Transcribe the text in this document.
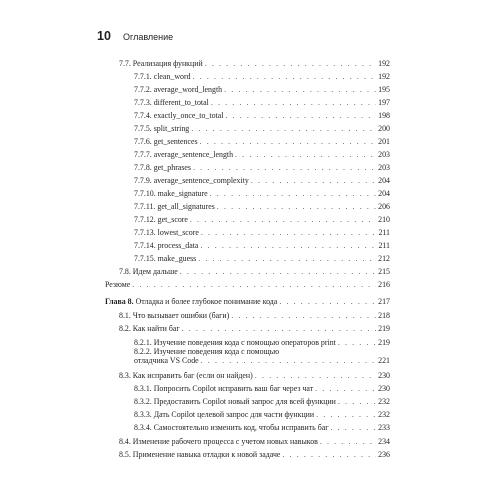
10	Оглавление
7.7. Реализация функций . . .	192
7.7.1. clean_word . . .	192
7.7.2. average_word_length . . .	195
7.7.3. different_to_total . . .	197
7.7.4. exactly_once_to_total . . .	198
7.7.5. split_string . . .	200
7.7.6. get_sentences . . .	201
7.7.7. average_sentence_length . . .	203
7.7.8. get_phrases . . .	203
7.7.9. average_sentence_complexity . . .	204
7.7.10. make_signature . . .	204
7.7.11. get_all_signatures . . .	206
7.7.12. get_score . . .	210
7.7.13. lowest_score . . .	211
7.7.14. process_data . . .	211
7.7.15. make_guess . . .	212
7.8. Идем дальше . . .	215
Резюме . . .	216
Глава 8. Отладка и более глубокое понимание кода . . .	217
8.1. Что вызывает ошибки (баги) . . .	218
8.2. Как найти баг . . .	219
8.2.1. Изучение поведения кода с помощью операторов print . . .	219
8.2.2. Изучение поведения кода с помощью
отладчика VS Code . . .	221
8.3. Как исправить баг (если он найден) . . .	230
8.3.1. Попросить Copilot исправить ваш баг через чат . . .	230
8.3.2. Предоставить Copilot новый запрос для всей функции . . .	232
8.3.3. Дать Copilot целевой запрос для части функции . . .	232
8.3.4. Самостоятельно изменить код, чтобы исправить баг . . .	233
8.4. Изменение рабочего процесса с учетом новых навыков . . .	234
8.5. Применение навыка отладки к новой задаче . . .	236
